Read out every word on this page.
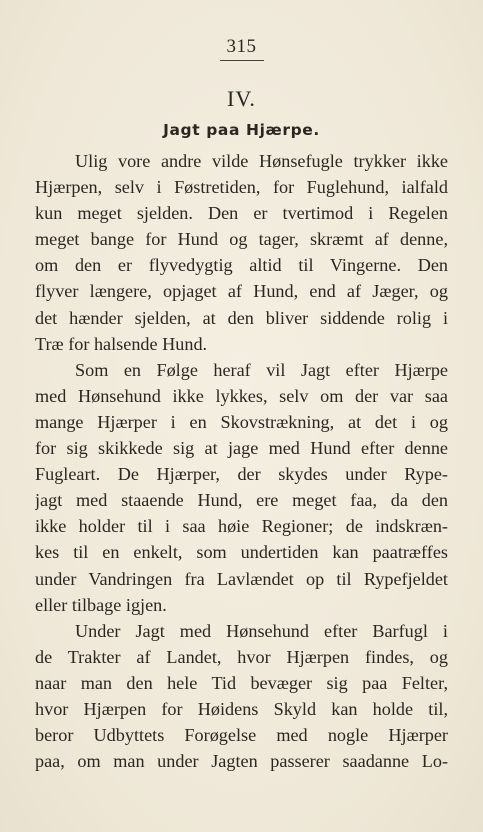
315
IV.
Jagt paa Hjærpe.
Ulig vore andre vilde Hønsefugle trykker ikke
Hjærpen, selv i Føstretiden, for Fuglehund, ialfald
kun meget sjelden. Den er tvertimod i Regelen
meget bange for Hund og tager, skræmt af denne,
om den er flyvedygtig altid til Vingerne. Den
flyver længere, opjaget af Hund, end af Jæger, og
det hænder sjelden, at den bliver siddende rolig i
Træ for halsende Hund.
Som en Følge heraf vil Jagt efter Hjærpe
med Hønsehund ikke lykkes, selv om der var saa
mange Hjærper i en Skovstrækning, at det i og
for sig skikkede sig at jage med Hund efter denne
Fugleart. De Hjærper, der skydes under Rype-
jagt med staaende Hund, ere meget faa, da den
ikke holder til i saa høie Regioner; de indskræn-
kes til en enkelt, som undertiden kan paatræffes
under Vandringen fra Lavlændet op til Rypefjeldet
eller tilbage igjen.
Under Jagt med Hønsehund efter Barfugl i
de Trakter af Landet, hvor Hjærpen findes, og
naar man den hele Tid bevæger sig paa Felter,
hvor Hjærpen for Høidens Skyld kan holde til,
beror Udbyttets Forøgelse med nogle Hjærper
paa, om man under Jagten passerer saadanne Lo-
